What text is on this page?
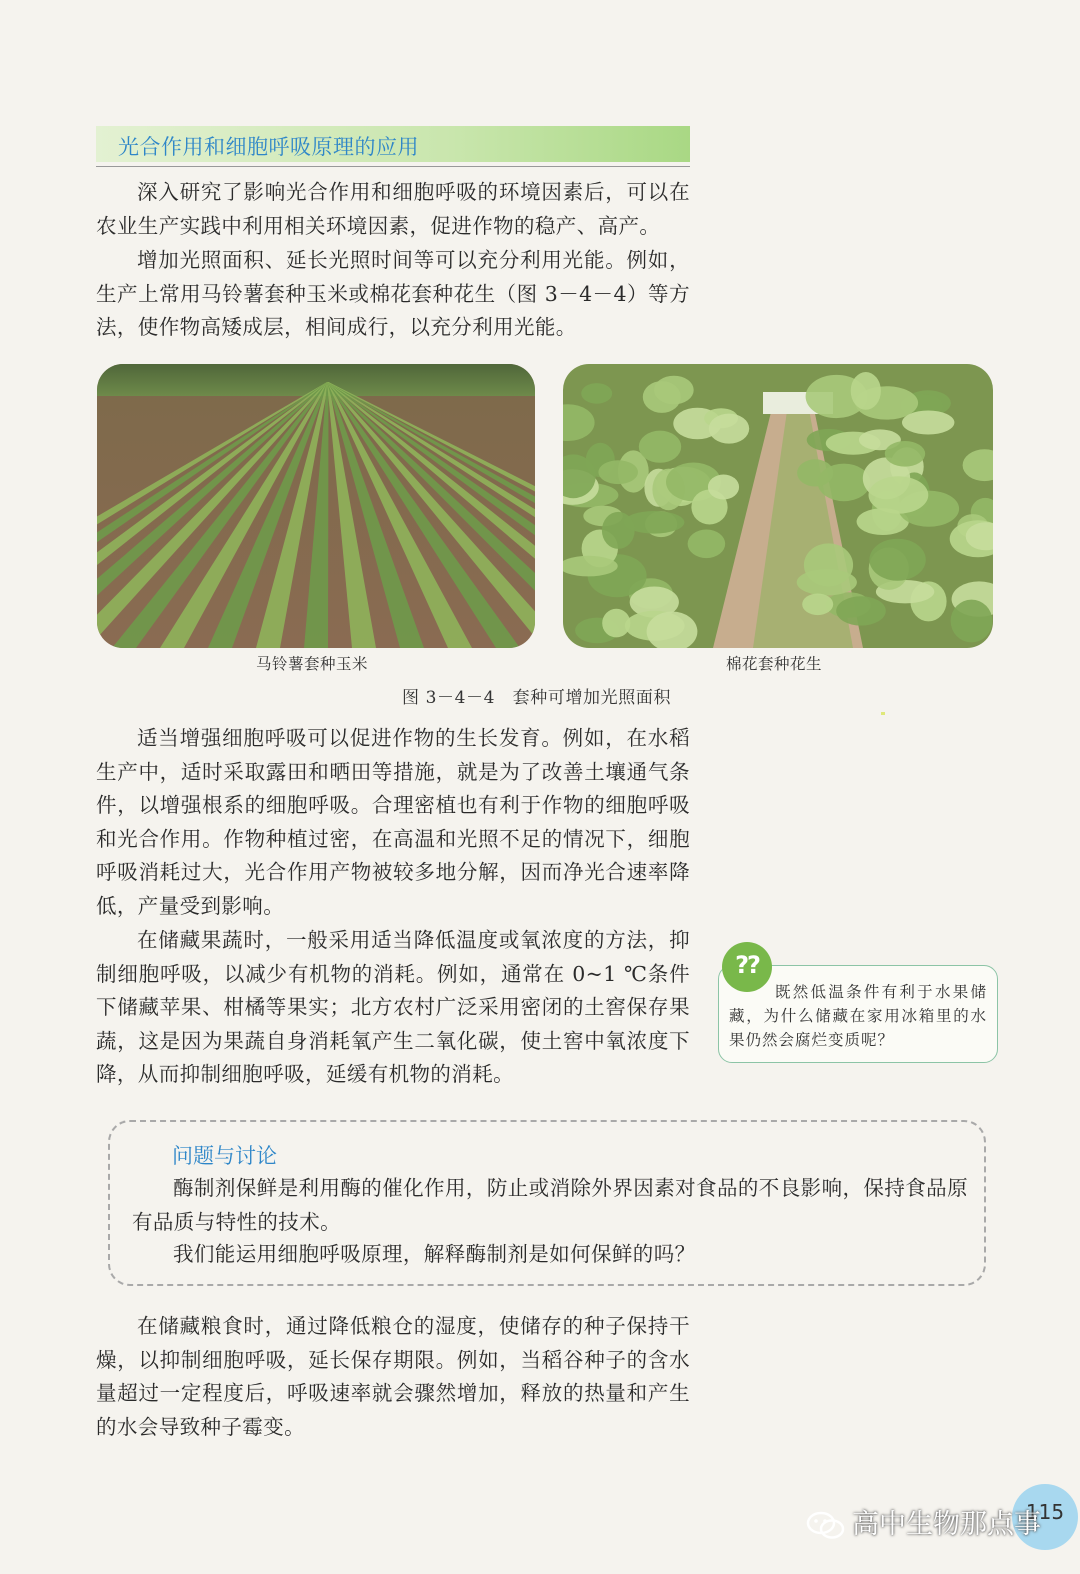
光合作用和细胞呼吸原理的应用

深入研究了影响光合作用和细胞呼吸的环境因素后，可以在农业生产实践中利用相关环境因素，促进作物的稳产、高产。

增加光照面积、延长光照时间等可以充分利用光能。例如，生产上常用马铃薯套种玉米或棉花套种花生（图 3－4－4）等方法，使作物高矮成层，相间成行，以充分利用光能。

马铃薯套种玉米	棉花套种花生
图 3－4－4　套种可增加光照面积

适当增强细胞呼吸可以促进作物的生长发育。例如，在水稻生产中，适时采取露田和晒田等措施，就是为了改善土壤通气条件，以增强根系的细胞呼吸。合理密植也有利于作物的细胞呼吸和光合作用。作物种植过密，在高温和光照不足的情况下，细胞呼吸消耗过大，光合作用产物被较多地分解，因而净光合速率降低，产量受到影响。

在储藏果蔬时，一般采用适当降低温度或氧浓度的方法，抑制细胞呼吸，以减少有机物的消耗。例如，通常在 0~1 ℃条件下储藏苹果、柑橘等果实；北方农村广泛采用密闭的土窖保存果蔬，这是因为果蔬自身消耗氧产生二氧化碳，使土窖中氧浓度下降，从而抑制细胞呼吸，延缓有机物的消耗。

既然低温条件有利于水果储藏，为什么储藏在家用冰箱里的水果仍然会腐烂变质呢？

??
问题与讨论

酶制剂保鲜是利用酶的催化作用，防止或消除外界因素对食品的不良影响，保持食品原有品质与特性的技术。

我们能运用细胞呼吸原理，解释酶制剂是如何保鲜的吗？

在储藏粮食时，通过降低粮仓的湿度，使储存的种子保持干燥，以抑制细胞呼吸，延长保存期限。例如，当稻谷种子的含水量超过一定程度后，呼吸速率就会骤然增加，释放的热量和产生的水会导致种子霉变。

115
高中生物那点事
